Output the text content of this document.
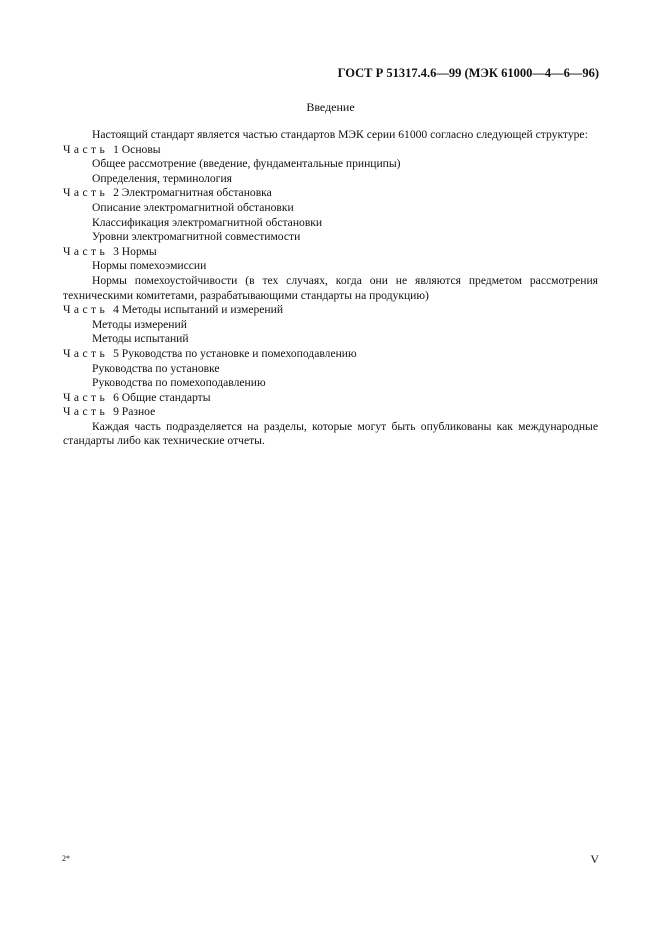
ГОСТ Р 51317.4.6—99 (МЭК 61000—4—6—96)
Введение

Настоящий стандарт является частью стандартов МЭК серии 61000 согласно следующей структуре:

Часть 1 Основы

Общее рассмотрение (введение, фундаментальные принципы)

Определения, терминология

Часть 2 Электромагнитная обстановка

Описание электромагнитной обстановки

Классификация электромагнитной обстановки

Уровни электромагнитной совместимости

Часть 3 Нормы

Нормы помехоэмиссии

Нормы помехоустойчивости (в тех случаях, когда они не являются предметом рассмотрения техническими комитетами, разрабатывающими стандарты на продукцию)

Часть 4 Методы испытаний и измерений

Методы измерений

Методы испытаний

Часть 5 Руководства по установке и помехоподавлению

Руководства по установке

Руководства по помехоподавлению

Часть 6 Общие стандарты

Часть 9 Разное

Каждая часть подразделяется на разделы, которые могут быть опубликованы как международные стандарты либо как технические отчеты.

2*	V
